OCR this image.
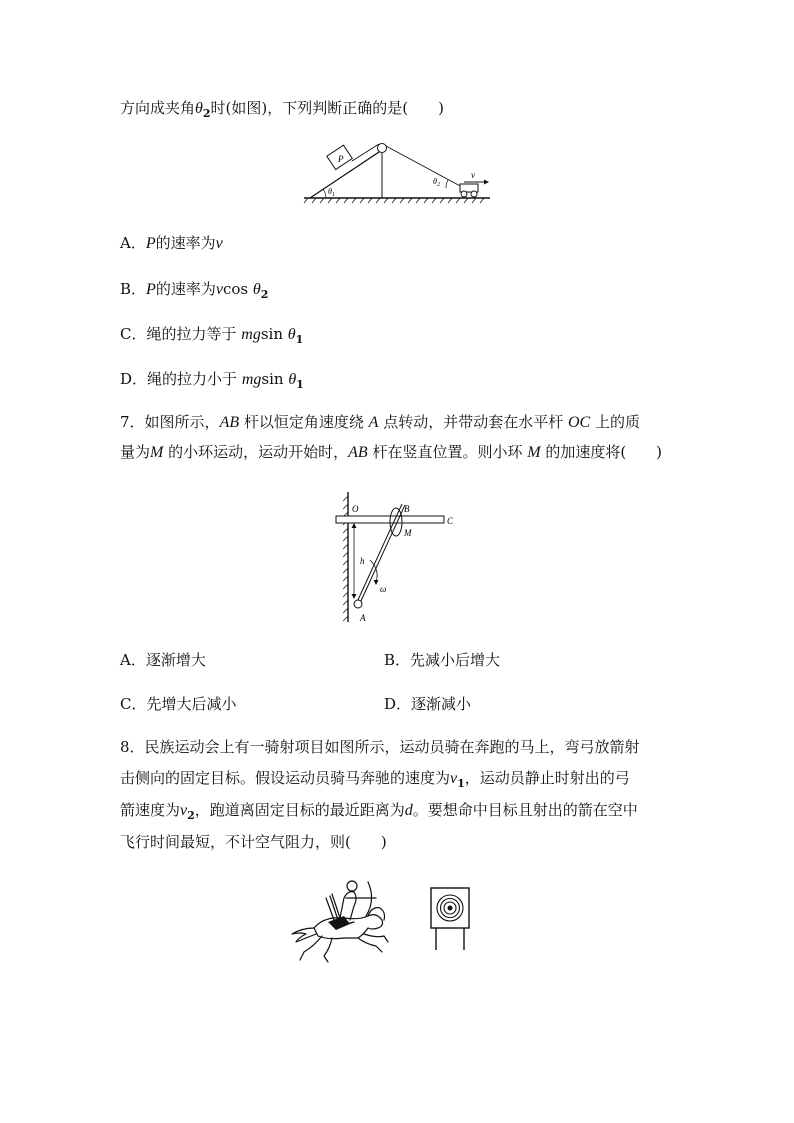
方向成夹角$\theta_2$时(如图)，下列判断正确的是(　　)
P
v
$\theta_1$
$\theta_2$
A．P的速率为v
B．P的速率为vcos $\theta_2$
C．绳的拉力等于 mgsin $\theta_1$
D．绳的拉力小于 mgsin $\theta_1$
7．如图所示，AB 杆以恒定角速度绕 A 点转动，并带动套在水平杆 OC 上的质
量为M 的小环运动，运动开始时，AB 杆在竖直位置。则小环 M 的加速度将(　　)
O	B
C
M
h
ω
A
A．逐渐增大	B．先减小后增大
C．先增大后减小	D．逐渐减小
8．民族运动会上有一骑射项目如图所示，运动员骑在奔跑的马上，弯弓放箭射
击侧向的固定目标。假设运动员骑马奔驰的速度为$v_1$，运动员静止时射出的弓
箭速度为$v_2$，跑道离固定目标的最近距离为d。要想命中目标且射出的箭在空中
飞行时间最短，不计空气阻力，则(　　)
